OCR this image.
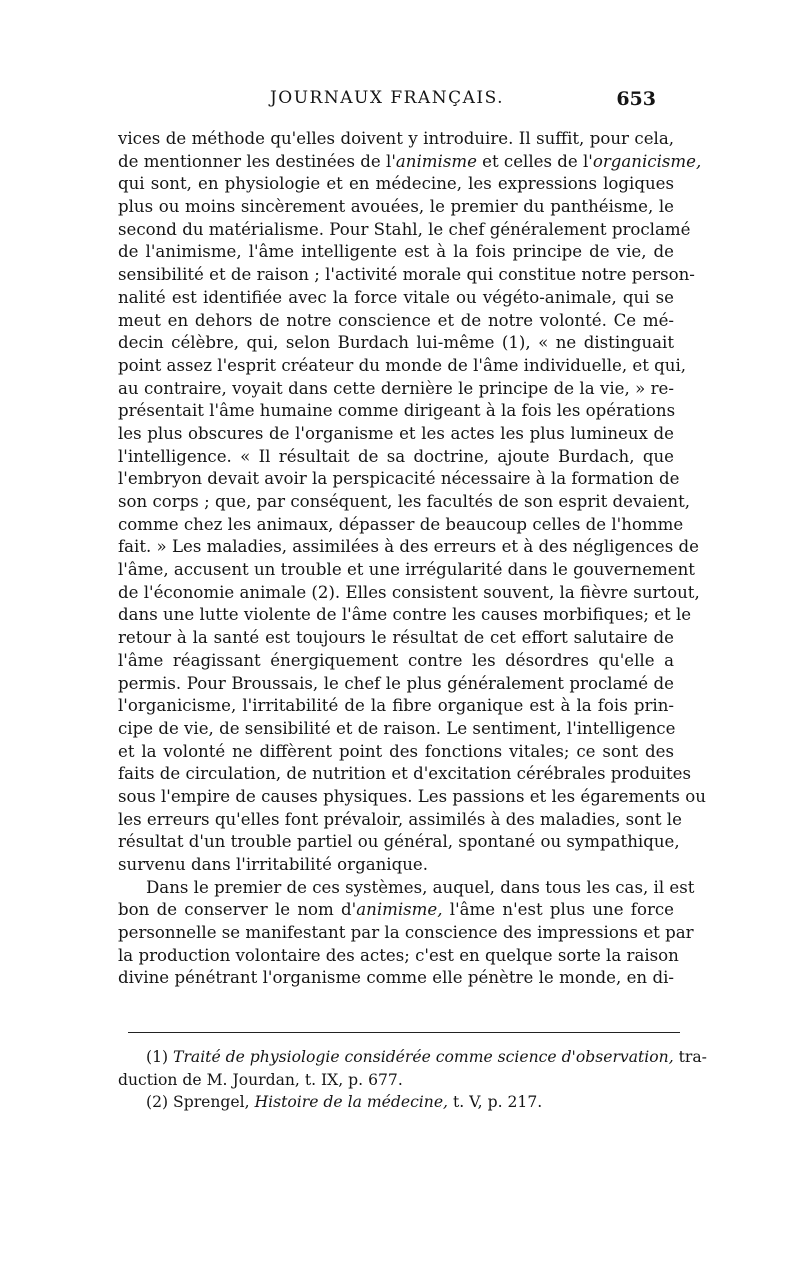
JOURNAUX FRANÇAIS.	653
vices de méthode qu'elles doivent y introduire. Il suffit, pour cela,
de mentionner les destinées de l'animisme et celles de l'organicisme,
qui sont, en physiologie et en médecine, les expressions logiques
plus ou moins sincèrement avouées, le premier du panthéisme, le
second du matérialisme. Pour Stahl, le chef généralement proclamé
de l'animisme, l'âme intelligente est à la fois principe de vie, de
sensibilité et de raison ; l'activité morale qui constitue notre person-
nalité est identifiée avec la force vitale ou végéto-animale, qui se
meut en dehors de notre conscience et de notre volonté. Ce mé-
decin célèbre, qui, selon Burdach lui-même (1), « ne distinguait
point assez l'esprit créateur du monde de l'âme individuelle, et qui,
au contraire, voyait dans cette dernière le principe de la vie, » re-
présentait l'âme humaine comme dirigeant à la fois les opérations
les plus obscures de l'organisme et les actes les plus lumineux de
l'intelligence. « Il résultait de sa doctrine, ajoute Burdach, que
l'embryon devait avoir la perspicacité nécessaire à la formation de
son corps ; que, par conséquent, les facultés de son esprit devaient,
comme chez les animaux, dépasser de beaucoup celles de l'homme
fait. » Les maladies, assimilées à des erreurs et à des négligences de
l'âme, accusent un trouble et une irrégularité dans le gouvernement
de l'économie animale (2). Elles consistent souvent, la fièvre surtout,
dans une lutte violente de l'âme contre les causes morbifiques; et le
retour à la santé est toujours le résultat de cet effort salutaire de
l'âme réagissant énergiquement contre les désordres qu'elle a
permis. Pour Broussais, le chef le plus généralement proclamé de
l'organicisme, l'irritabilité de la fibre organique est à la fois prin-
cipe de vie, de sensibilité et de raison. Le sentiment, l'intelligence
et la volonté ne diffèrent point des fonctions vitales; ce sont des
faits de circulation, de nutrition et d'excitation cérébrales produites
sous l'empire de causes physiques. Les passions et les égarements ou
les erreurs qu'elles font prévaloir, assimilés à des maladies, sont le
résultat d'un trouble partiel ou général, spontané ou sympathique,
survenu dans l'irritabilité organique.
Dans le premier de ces systèmes, auquel, dans tous les cas, il est
bon de conserver le nom d'animisme, l'âme n'est plus une force
personnelle se manifestant par la conscience des impressions et par
la production volontaire des actes; c'est en quelque sorte la raison
divine pénétrant l'organisme comme elle pénètre le monde, en di-
(1) Traité de physiologie considérée comme science d'observation, tra-
duction de M. Jourdan, t. IX, p. 677.
(2) Sprengel, Histoire de la médecine, t. V, p. 217.
